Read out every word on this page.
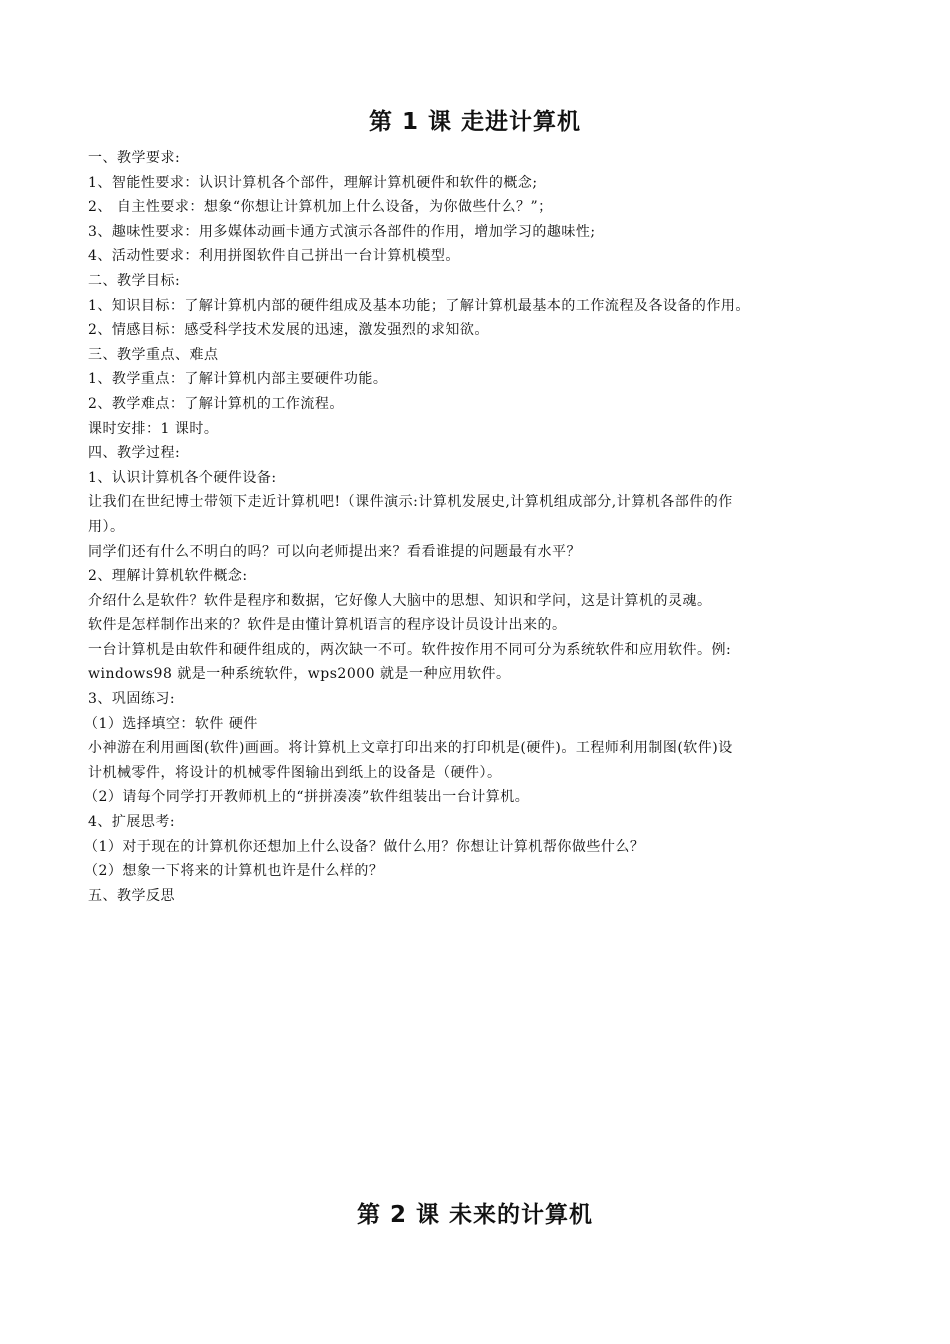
第 1 课 走进计算机

一、教学要求:

1、智能性要求：认识计算机各个部件，理解计算机硬件和软件的概念;

2、 自主性要求：想象“你想让计算机加上什么设备，为你做些什么？”；

3、趣味性要求：用多媒体动画卡通方式演示各部件的作用，增加学习的趣味性;

4、活动性要求：利用拼图软件自己拼出一台计算机模型。

二、教学目标:

1、知识目标：了解计算机内部的硬件组成及基本功能；了解计算机最基本的工作流程及各设备的作用。

2、情感目标：感受科学技术发展的迅速，激发强烈的求知欲。

三、教学重点、难点

1、教学重点：了解计算机内部主要硬件功能。

2、教学难点：了解计算机的工作流程。

课时安排：1 课时。

四、教学过程:

1、认识计算机各个硬件设备:

让我们在世纪博士带领下走近计算机吧!（课件演示:计算机发展史,计算机组成部分,计算机各部件的作

用）。

同学们还有什么不明白的吗？可以向老师提出来？看看谁提的问题最有水平？

2、理解计算机软件概念:

介绍什么是软件？软件是程序和数据，它好像人大脑中的思想、知识和学问，这是计算机的灵魂。

软件是怎样制作出来的？软件是由懂计算机语言的程序设计员设计出来的。

一台计算机是由软件和硬件组成的，两次缺一不可。软件按作用不同可分为系统软件和应用软件。例:

windows98 就是一种系统软件，wps2000 就是一种应用软件。

3、巩固练习:

（1）选择填空：软件 硬件

小神游在利用画图(软件)画画。将计算机上文章打印出来的打印机是(硬件)。工程师利用制图(软件)设

计机械零件，将设计的机械零件图输出到纸上的设备是（硬件）。

（2）请每个同学打开教师机上的“拼拼凑凑”软件组装出一台计算机。

4、扩展思考:

（1）对于现在的计算机你还想加上什么设备？做什么用？你想让计算机帮你做些什么？

（2）想象一下将来的计算机也许是什么样的？

五、教学反思

第 2 课 未来的计算机
